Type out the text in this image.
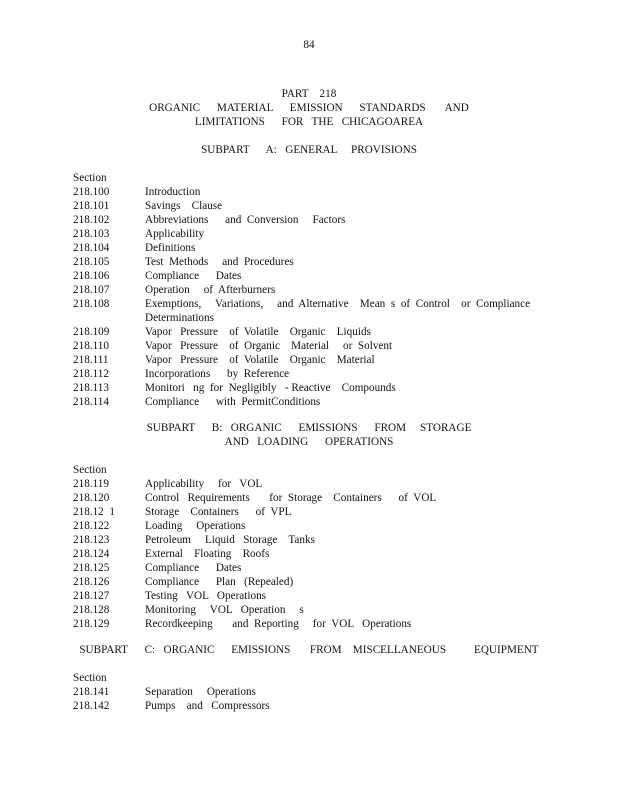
84
PART    218
ORGANIC      MATERIAL      EMISSION      STANDARDS       AND
LIMITATIONS      FOR   THE   CHICAGOAREA
SUBPART      A:   GENERAL     PROVISIONS
Section
218.100	Introduction
218.101	Savings    Clause
218.102	Abbreviations      and  Conversion     Factors
218.103	Applicability
218.104	Definitions
218.105	Test  Methods     and  Procedures
218.106	Compliance      Dates
218.107	Operation     of  Afterburners
218.108	Exemptions,     Variations,     and  Alternative    Mean  s  of  Control    or  Compliance
Determinations
218.109	Vapor   Pressure    of  Volatile    Organic    Liquids
218.110	Vapor   Pressure    of  Organic    Material     or  Solvent
218.111	Vapor   Pressure    of  Volatile    Organic    Material
218.112	Incorporations      by  Reference
218.113	Monitori   ng  for  Negligibly   - Reactive    Compounds
218.114	Compliance      with  PermitConditions
SUBPART      B:   ORGANIC      EMISSIONS      FROM     STORAGE
AND   LOADING      OPERATIONS
Section
218.119	Applicability     for   VOL
218.120	Control   Requirements       for  Storage    Containers      of  VOL
218.12  1	Storage    Containers      of  VPL
218.122	Loading     Operations
218.123	Petroleum     Liquid   Storage    Tanks
218.124	External    Floating    Roofs
218.125	Compliance      Dates
218.126	Compliance      Plan   (Repealed)
218.127	Testing   VOL   Operations
218.128	Monitoring     VOL   Operation     s
218.129	Recordkeeping       and  Reporting     for  VOL   Operations
SUBPART      C:   ORGANIC      EMISSIONS       FROM    MISCELLANEOUS          EQUIPMENT
Section
218.141	Separation     Operations
218.142	Pumps    and   Compressors
